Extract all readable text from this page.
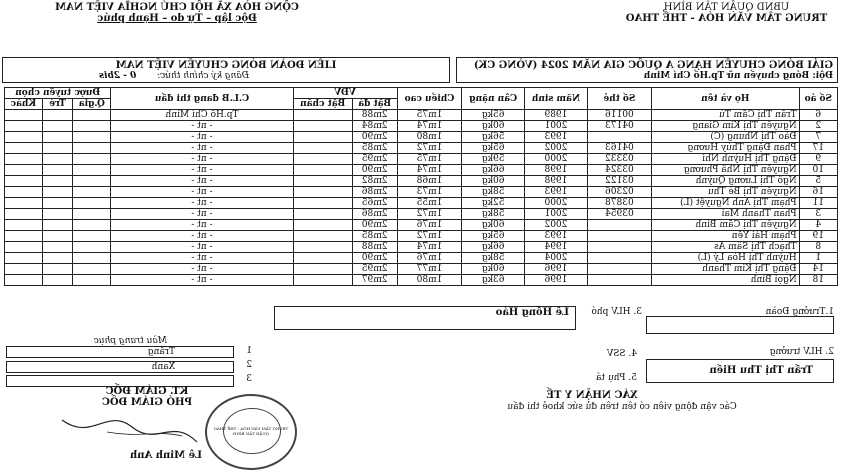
UBND QUẬN TÂN BÌNH
TRUNG TÂM VĂN HÓA - THỂ THAO
CỘNG HÒA XÃ HỘI CHỦ NGHĨA VIỆT NAM
Độc lập – Tự do – Hạnh phúc
GIẢI BÓNG CHUYỀN HẠNG A QUỐC GIA NĂM 2024 (VÒNG CK)
Đội: Bóng chuyền nữ Tp.Hồ Chí Minh
LIÊN ĐOÀN BÓNG CHUYỀN VIỆT NAM
Đăng ký chính thức: 0 - 2bis
Số áo	Họ và tên	Số thẻ	Năm sinh	Cân nặng	Chiều cao	VĐV		C.L.B đang thi đấu	Được tuyển chọn		
						Bật đà	Bật chắn		Q.gia	Trẻ	Khác
6	Trần Thị Cẩm Tú	00116	1989	65kg	1m75	2m88		Tp.Hồ Chí Minh			
2	Nguyễn Thị Kim Giang	04173	2001	60kg	1m74	2m84		- nt -			
7	Đào Thị Nhung (C)		1993	56kg	1m80	2m90		- nt -			
17	Phan Đặng Thùy Hương	04163	2002	65kg	1m72	2m85		- nt -			
9	Đặng Thị Huỳnh Nhi	03332	2000	59kg	1m75	2m95		- nt -			
10	Nguyễn Thị Nhã Phương	03324	1998	66kg	1m74	2m90		- nt -			
5	Ngô Thị Lương Quỳnh	03122	1998	60kg	1m68	2m82		- nt -			
16	Nguyễn Thị Bé Thu	02306	1993	58kg	1m73	2m86		- nt -			
11	Phạm Thị Anh Nguyệt (L)	03878	2000	52kg	1m55	2m65		- nt -			
3	Phan Thanh Mai	03954	2001	58kg	1m72	2m86		- nt -			
4	Nguyễn Thị Cẩm Bình		2002	60kg	1m76	2m90		- nt -			
19	Phạm Hải Yến		1993	65kg	1m72	2m85		- nt -			
8	Thạch Thị Sâm Ás		1994	66kg	1m74	2m88		- nt -			
1	Huỳnh Thị Hòa Lý (L)		2004	58kg	1m76	2m90		- nt -			
14	Đặng Thị Kim Thanh		1996	60kg	1m77	2m95		- nt -			
18	Ngọi Bình		1996	63kg	1m80	2m97		- nt -			
1.Trưởng Đoàn
2. HLV trưởng
Trần Thị Thu Hiền
3. HLV phó
Lê Hồng Hảo
4. SSV
5. Phụ tá
Màu trang phục
1
Trắng
2
Xanh
3
XÁC NHẬN Y TẾ
Các vận động viên có tên trên đủ sức khoẻ thi đấu
KT. GIÁM ĐỐC
PHÓ GIÁM ĐỐC
TRUNG TÂM VĂN HÓA - THỂ THAO QUẬN TÂN BÌNH
Lê Minh Anh
